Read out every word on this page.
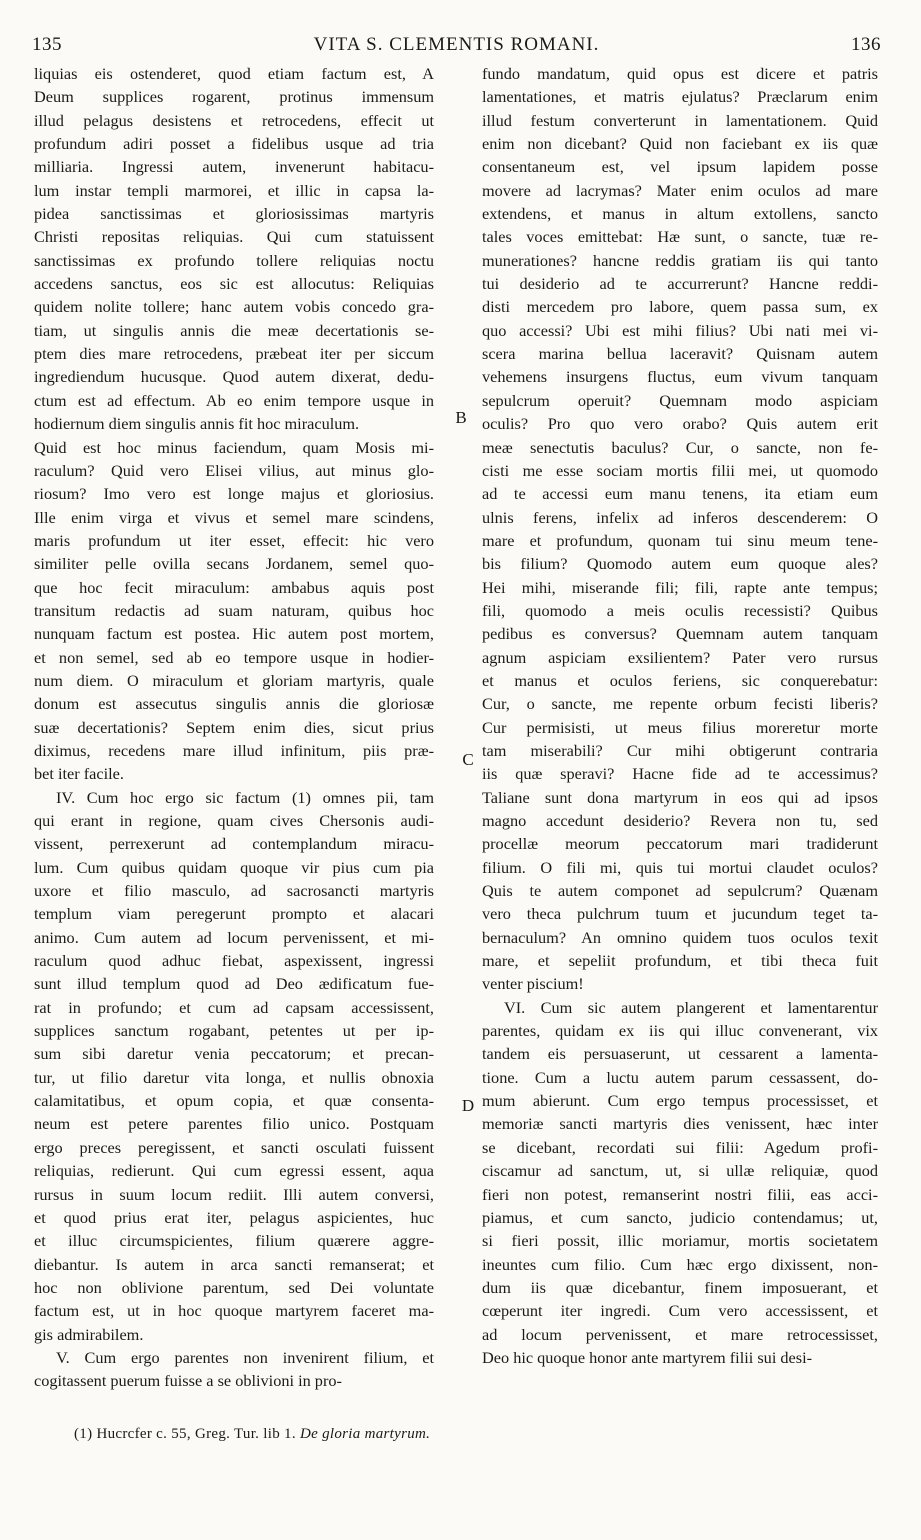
135	VITA S. CLEMENTIS ROMANI.	136
liquias eis ostenderet, quod etiam factum est, A
Deum supplices rogarent, protinus immensum
illud pelagus desistens et retrocedens, effecit ut
profundum adiri posset a fidelibus usque ad tria
milliaria. Ingressi autem, invenerunt habitacu-
lum instar templi marmorei, et illic in capsa la-
pidea sanctissimas et gloriosissimas martyris
Christi repositas reliquias. Qui cum statuissent
sanctissimas ex profundo tollere reliquias noctu
accedens sanctus, eos sic est allocutus: Reliquias
quidem nolite tollere; hanc autem vobis concedo gra-
tiam, ut singulis annis die meæ decertationis se-
ptem dies mare retrocedens, præbeat iter per siccum
ingrediendum hucusque. Quod autem dixerat, dedu-
ctum est ad effectum. Ab eo enim tempore usque in
hodiernum diem singulis annis fit hoc miraculum.
Quid est hoc minus faciendum, quam Mosis mi-
raculum? Quid vero Elisei vilius, aut minus glo-
riosum? Imo vero est longe majus et gloriosius.
Ille enim virga et vivus et semel mare scindens,
maris profundum ut iter esset, effecit: hic vero
similiter pelle ovilla secans Jordanem, semel quo-
que hoc fecit miraculum: ambabus aquis post
transitum redactis ad suam naturam, quibus hoc
nunquam factum est postea. Hic autem post mortem,
et non semel, sed ab eo tempore usque in hodier-
num diem. O miraculum et gloriam martyris, quale
donum est assecutus singulis annis die gloriosæ
suæ decertationis? Septem enim dies, sicut prius
diximus, recedens mare illud infinitum, piis præ-
bet iter facile.
IV. Cum hoc ergo sic factum (1) omnes pii, tam
qui erant in regione, quam cives Chersonis audi-
vissent, perrexerunt ad contemplandum miracu-
lum. Cum quibus quidam quoque vir pius cum pia
uxore et filio masculo, ad sacrosancti martyris
templum viam peregerunt prompto et alacari
animo. Cum autem ad locum pervenissent, et mi-
raculum quod adhuc fiebat, aspexissent, ingressi
sunt illud templum quod ad Deo ædificatum fue-
rat in profundo; et cum ad capsam accessissent,
supplices sanctum rogabant, petentes ut per ip-
sum sibi daretur venia peccatorum; et precan-
tur, ut filio daretur vita longa, et nullis obnoxia
calamitatibus, et opum copia, et quæ consenta-
neum est petere parentes filio unico. Postquam
ergo preces peregissent, et sancti osculati fuissent
reliquias, redierunt. Qui cum egressi essent, aqua
rursus in suum locum rediit. Illi autem conversi,
et quod prius erat iter, pelagus aspicientes, huc
et illuc circumspicientes, filium quærere aggre-
diebantur. Is autem in arca sancti remanserat; et
hoc non oblivione parentum, sed Dei voluntate
factum est, ut in hoc quoque martyrem faceret ma-
gis admirabilem.
V. Cum ergo parentes non invenirent filium, et
cogitassent puerum fuisse a se oblivioni in pro-
fundo mandatum, quid opus est dicere et patris
lamentationes, et matris ejulatus? Præclarum enim
illud festum converterunt in lamentationem. Quid
enim non dicebant? Quid non faciebant ex iis quæ
consentaneum est, vel ipsum lapidem posse
movere ad lacrymas? Mater enim oculos ad mare
extendens, et manus in altum extollens, sancto
tales voces emittebat: Hæ sunt, o sancte, tuæ re-
munerationes? hancne reddis gratiam iis qui tanto
tui desiderio ad te accurrerunt? Hancne reddi-
disti mercedem pro labore, quem passa sum, ex
quo accessi? Ubi est mihi filius? Ubi nati mei vi-
scera marina bellua laceravit? Quisnam autem
vehemens insurgens fluctus, eum vivum tanquam
sepulcrum operuit? Quemnam modo aspiciam
oculis? Pro quo vero orabo? Quis autem erit
meæ senectutis baculus? Cur, o sancte, non fe-
cisti me esse sociam mortis filii mei, ut quomodo
ad te accessi eum manu tenens, ita etiam eum
ulnis ferens, infelix ad inferos descenderem: O
mare et profundum, quonam tui sinu meum tene-
bis filium? Quomodo autem eum quoque ales?
Hei mihi, miserande fili; fili, rapte ante tempus;
fili, quomodo a meis oculis recessisti? Quibus
pedibus es conversus? Quemnam autem tanquam
agnum aspiciam exsilientem? Pater vero rursus
et manus et oculos feriens, sic conquerebatur:
Cur, o sancte, me repente orbum fecisti liberis?
Cur permisisti, ut meus filius moreretur morte
tam miserabili? Cur mihi obtigerunt contraria
iis quæ speravi? Hacne fide ad te accessimus?
Taliane sunt dona martyrum in eos qui ad ipsos
magno accedunt desiderio? Revera non tu, sed
procellæ meorum peccatorum mari tradiderunt
filium. O fili mi, quis tui mortui claudet oculos?
Quis te autem componet ad sepulcrum? Quænam
vero theca pulchrum tuum et jucundum teget ta-
bernaculum? An omnino quidem tuos oculos texit
mare, et sepeliit profundum, et tibi theca fuit
venter piscium!
VI. Cum sic autem plangerent et lamentarentur
parentes, quidam ex iis qui illuc convenerant, vix
tandem eis persuaserunt, ut cessarent a lamenta-
tione. Cum a luctu autem parum cessassent, do-
mum abierunt. Cum ergo tempus processisset, et
memoriæ sancti martyris dies venissent, hæc inter
se dicebant, recordati sui filii: Agedum profi-
ciscamur ad sanctum, ut, si ullæ reliquiæ, quod
fieri non potest, remanserint nostri filii, eas acci-
piamus, et cum sancto, judicio contendamus; ut,
si fieri possit, illic moriamur, mortis societatem
ineuntes cum filio. Cum hæc ergo dixissent, non-
dum iis quæ dicebantur, finem imposuerant, et
cœperunt iter ingredi. Cum vero accessissent, et
ad locum pervenissent, et mare retrocessisset,
Deo hic quoque honor ante martyrem filii sui desi-
B
C
D
(1) Hucrcfer c. 55, Greg. Tur. lib 1. De gloria martyrum.
